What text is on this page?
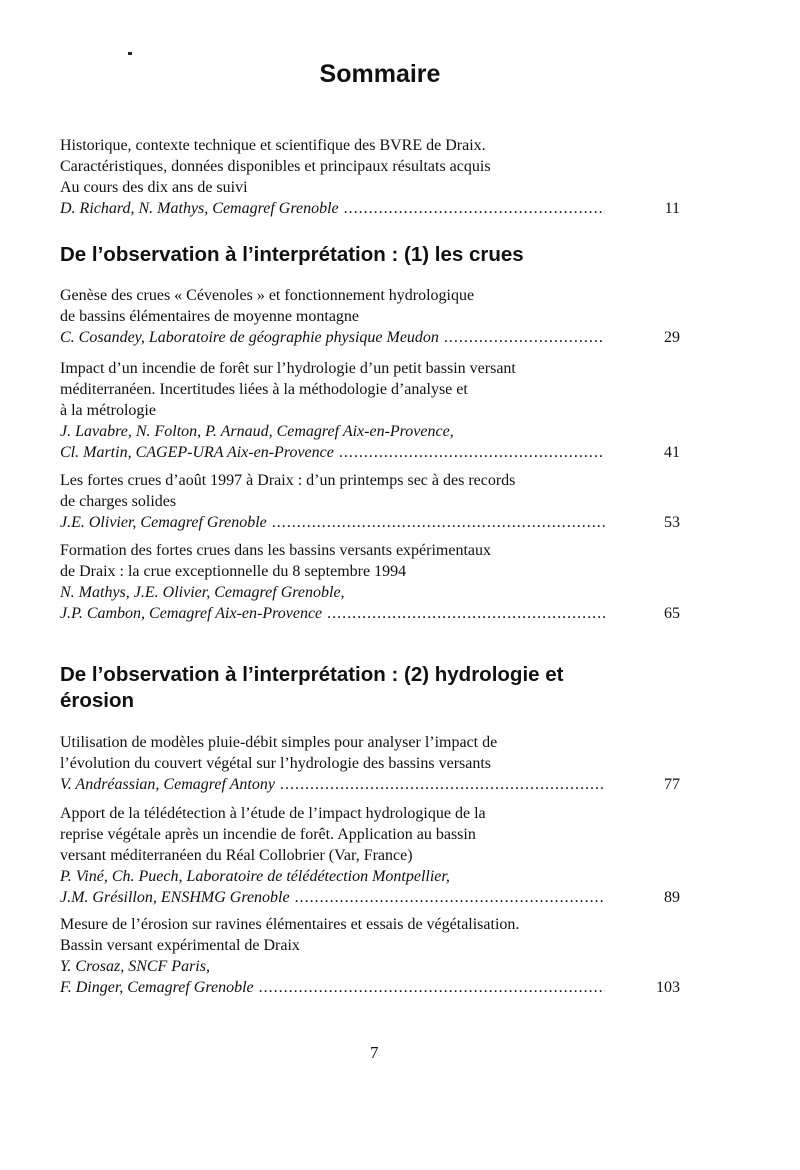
Sommaire
Historique, contexte technique et scientifique des BVRE de Draix.
Caractéristiques, données disponibles et principaux résultats acquis
Au cours des dix ans de suivi
D. Richard, N. Mathys, Cemagref Grenoble .....	11
De l’observation à l’interprétation : (1) les crues
Genèse des crues « Cévenoles » et fonctionnement hydrologique
de bassins élémentaires de moyenne montagne
C. Cosandey, Laboratoire de géographie physique Meudon .....	29
Impact d’un incendie de forêt sur l’hydrologie d’un petit bassin versant
méditerranéen. Incertitudes liées à la méthodologie d’analyse et
à la métrologie
J. Lavabre, N. Folton, P. Arnaud, Cemagref Aix-en-Provence,
Cl. Martin, CAGEP-URA Aix-en-Provence .....	41
Les fortes crues d’août 1997 à Draix : d’un printemps sec à des records
de charges solides
J.E. Olivier, Cemagref Grenoble .....	53
Formation des fortes crues dans les bassins versants expérimentaux
de Draix : la crue exceptionnelle du 8 septembre 1994
N. Mathys, J.E. Olivier, Cemagref Grenoble,
J.P. Cambon, Cemagref Aix-en-Provence .....	65
De l’observation à l’interprétation : (2) hydrologie et
érosion
Utilisation de modèles pluie-débit simples pour analyser l’impact de
l’évolution du couvert végétal sur l’hydrologie des bassins versants
V. Andréassian, Cemagref Antony .....	77
Apport de la télédétection à l’étude de l’impact hydrologique de la
reprise végétale après un incendie de forêt. Application au bassin
versant méditerranéen du Réal Collobrier (Var, France)
P. Viné, Ch. Puech, Laboratoire de télédétection Montpellier,
J.M. Grésillon, ENSHMG Grenoble .....	89
Mesure de l’érosion sur ravines élémentaires et essais de végétalisation.
Bassin versant expérimental de Draix
Y. Crosaz, SNCF Paris,
F. Dinger, Cemagref Grenoble .....	103
7
